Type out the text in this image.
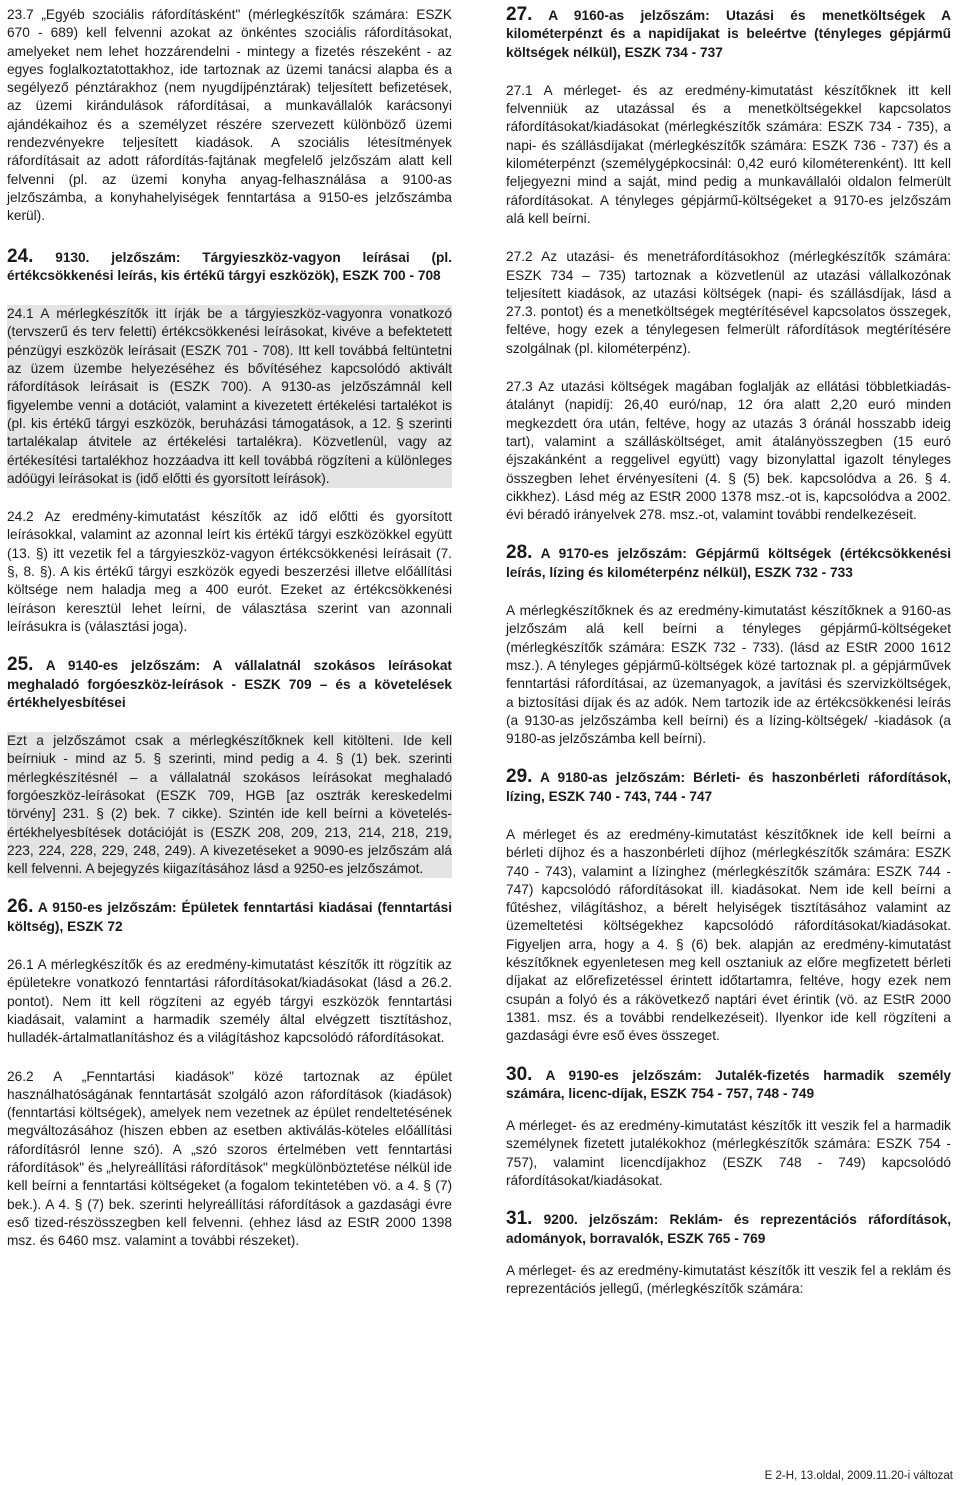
23.7 „Egyéb szociális ráfordításként" (mérlegkészítők számára: ESZK 670 - 689) kell felvenni azokat az önkéntes szociális ráfordításokat, amelyeket nem lehet hozzárendelni - mintegy a fizetés részeként - az egyes foglalkoztatottakhoz, ide tartoznak az üzemi tanácsi alapba és a segélyező pénztárakhoz (nem nyugdíjpénztárak) teljesített befizetések, az üzemi kirándulások ráfordításai, a munkavállalók karácsonyi ajándékaihoz és a személyzet részére szervezett különböző üzemi rendezvényekre teljesített kiadások. A szociális létesítmények ráfordításait az adott ráfordítás-fajtának megfelelő jelzőszám alatt kell felvenni (pl. az üzemi konyha anyag-felhasználása a 9100-as jelzőszámba, a konyhahelyiségek fenntartása a 9150-es jelzőszámba kerül).

24. 9130. jelzőszám: Tárgyieszköz-vagyon leírásai (pl. értékcsökkenési leírás, kis értékű tárgyi eszközök), ESZK 700 - 708

24.1 A mérlegkészítők itt írják be a tárgyieszköz-vagyonra vonatkozó (tervszerű és terv feletti) értékcsökkenési leírásokat, kivéve a befektetett pénzügyi eszközök leírásait (ESZK 701 - 708). Itt kell továbbá feltüntetni az üzem üzembe helyezéséhez és bővítéséhez kapcsolódó aktivált ráfordítások leírásait is (ESZK 700). A 9130-as jelzőszámnál kell figyelembe venni a dotációt, valamint a kivezetett értékelési tartalékot is (pl. kis értékű tárgyi eszközök, beruházási támogatások, a 12. § szerinti tartalékalap átvitele az értékelési tartalékra). Közvetlenül, vagy az értékesítési tartalékhoz hozzáadva itt kell továbbá rögzíteni a különleges adóügyi leírásokat is (idő előtti és gyorsított leírások).

24.2 Az eredmény-kimutatást készítők az idő előtti és gyorsított leírásokkal, valamint az azonnal leírt kis értékű tárgyi eszközökkel együtt (13. §) itt vezetik fel a tárgyieszköz-vagyon értékcsökkenési leírásait (7. §, 8. §). A kis értékű tárgyi eszközök egyedi beszerzési illetve előállítási költsége nem haladja meg a 400 eurót. Ezeket az értékcsökkenési leíráson keresztül lehet leírni, de választása szerint van azonnali leírásukra is (választási joga).

25. A 9140-es jelzőszám: A vállalatnál szokásos leírásokat meghaladó forgóeszköz-leírások - ESZK 709 – és a követelések értékhelyesbítései

Ezt a jelzőszámot csak a mérlegkészítőknek kell kitölteni. Ide kell beírniuk - mind az 5. § szerinti, mind pedig a 4. § (1) bek. szerinti mérlegkészítésnél – a vállalatnál szokásos leírásokat meghaladó forgóeszköz-leírásokat (ESZK 709, HGB [az osztrák kereskedelmi törvény] 231. § (2) bek. 7 cikke). Szintén ide kell beírni a követelés-értékhelyesbítések dotációját is (ESZK 208, 209, 213, 214, 218, 219, 223, 224, 228, 229, 248, 249). A kivezetéseket a 9090-es jelzőszám alá kell felvenni. A bejegyzés kiigazításához lásd a 9250-es jelzőszámot.

26. A 9150-es jelzőszám: Épületek fenntartási kiadásai (fenntartási költség), ESZK 72

26.1 A mérlegkészítők és az eredmény-kimutatást készítők itt rögzítik az épületekre vonatkozó fenntartási ráfordításokat/kiadásokat (lásd a 26.2. pontot). Nem itt kell rögzíteni az egyéb tárgyi eszközök fenntartási kiadásait, valamint a harmadik személy által elvégzett tisztításhoz, hulladék-ártalmatlanításhoz és a világításhoz kapcsolódó ráfordításokat.

26.2 A „Fenntartási kiadások" közé tartoznak az épület használhatóságának fenntartását szolgáló azon ráfordítások (kiadások) (fenntartási költségek), amelyek nem vezetnek az épület rendeltetésének megváltozásához (hiszen ebben az esetben aktiválás-köteles előállítási ráfordításról lenne szó). A „szó szoros értelmében vett fenntartási ráfordítások" és „helyreállítási ráfordítások" megkülönböztetése nélkül ide kell beírni a fenntartási költségeket (a fogalom tekintetében vö. a 4. § (7) bek.). A 4. § (7) bek. szerinti helyreállítási ráfordítások a gazdasági évre eső tized-részösszegben kell felvenni. (ehhez lásd az EStR 2000 1398 msz. és 6460 msz. valamint a további részeket).

27. A 9160-as jelzőszám: Utazási és menetköltségek A kilométerpénzt és a napidíjakat is beleértve (tényleges gépjármű költségek nélkül), ESZK 734 - 737

27.1 A mérleget- és az eredmény-kimutatást készítőknek itt kell felvenniük az utazással és a menetköltségekkel kapcsolatos ráfordításokat/kiadásokat (mérlegkészítők számára: ESZK 734 - 735), a napi- és szállásdíjakat (mérlegkészítők számára: ESZK 736 - 737) és a kilométerpénzt (személygépkocsinál: 0,42 euró kilométerenként). Itt kell feljegyezni mind a saját, mind pedig a munkavállalói oldalon felmerült ráfordításokat. A tényleges gépjármű-költségeket a 9170-es jelzőszám alá kell beírni.

27.2 Az utazási- és menetráfordításokhoz (mérlegkészítők számára: ESZK 734 – 735) tartoznak a közvetlenül az utazási vállalkozónak teljesített kiadások, az utazási költségek (napi- és szállásdíjak, lásd a 27.3. pontot) és a menetköltségek megtérítésével kapcsolatos összegek, feltéve, hogy ezek a ténylegesen felmerült ráfordítások megtérítésére szolgálnak (pl. kilométerpénz).

27.3 Az utazási költségek magában foglalják az ellátási többletkiadás-átalányt (napidíj: 26,40 euró/nap, 12 óra alatt 2,20 euró minden megkezdett óra után, feltéve, hogy az utazás 3 óránál hosszabb ideig tart), valamint a szállásköltséget, amit átalányösszegben (15 euró éjszakánként a reggelivel együtt) vagy bizonylattal igazolt tényleges összegben lehet érvényesíteni (4. § (5) bek. kapcsolódva a 26. § 4. cikkhez). Lásd még az EStR 2000 1378 msz.-ot is, kapcsolódva a 2002. évi béradó irányelvek 278. msz.-ot, valamint további rendelkezéseit.

28. A 9170-es jelzőszám: Gépjármű költségek (értékcsökkenési leírás, lízing és kilométerpénz nélkül), ESZK 732 - 733

A mérlegkészítőknek és az eredmény-kimutatást készítőknek a 9160-as jelzőszám alá kell beírni a tényleges gépjármű-költségeket (mérlegkészítők számára: ESZK 732 - 733). (lásd az EStR 2000 1612 msz.). A tényleges gépjármű-költségek közé tartoznak pl. a gépjárművek fenntartási ráfordításai, az üzemanyagok, a javítási és szervizköltségek, a biztosítási díjak és az adók. Nem tartozik ide az értékcsökkenési leírás (a 9130-as jelzőszámba kell beírni) és a lízing-költségek/ -kiadások (a 9180-as jelzőszámba kell beírni).

29. A 9180-as jelzőszám: Bérleti- és haszonbérleti ráfordítások, lízing, ESZK 740 - 743, 744 - 747

A mérleget és az eredmény-kimutatást készítőknek ide kell beírni a bérleti díjhoz és a haszonbérleti díjhoz (mérlegkészítők számára: ESZK 740 - 743), valamint a lízinghez (mérlegkészítők számára: ESZK 744 - 747) kapcsolódó ráfordításokat ill. kiadásokat. Nem ide kell beírni a fűtéshez, világításhoz, a bérelt helyiségek tisztításához valamint az üzemeltetési költségekhez kapcsolódó ráfordításokat/kiadásokat. Figyeljen arra, hogy a 4. § (6) bek. alapján az eredmény-kimutatást készítőknek egyenletesen meg kell osztaniuk az előre megfizetett bérleti díjakat az előrefizetéssel érintett időtartamra, feltéve, hogy ezek nem csupán a folyó és a rákövetkező naptári évet érintik (vö. az EStR 2000 1381. msz. és a további rendelkezéseit). Ilyenkor ide kell rögzíteni a gazdasági évre eső éves összeget.

30. A 9190-es jelzőszám: Jutalék-fizetés harmadik személy számára, licenc-díjak, ESZK 754 - 757, 748 - 749

A mérleget- és az eredmény-kimutatást készítők itt veszik fel a harmadik személynek fizetett jutalékokhoz (mérlegkészítők számára: ESZK 754 - 757), valamint licencdíjakhoz (ESZK 748 - 749) kapcsolódó ráfordításokat/kiadásokat.

31. 9200. jelzőszám: Reklám- és reprezentációs ráfordítások, adományok, borravalók, ESZK 765 - 769

A mérleget- és az eredmény-kimutatást készítők itt veszik fel a reklám és reprezentációs jellegű, (mérlegkészítők számára:

E 2-H, 13.oldal, 2009.11.20-i változat
